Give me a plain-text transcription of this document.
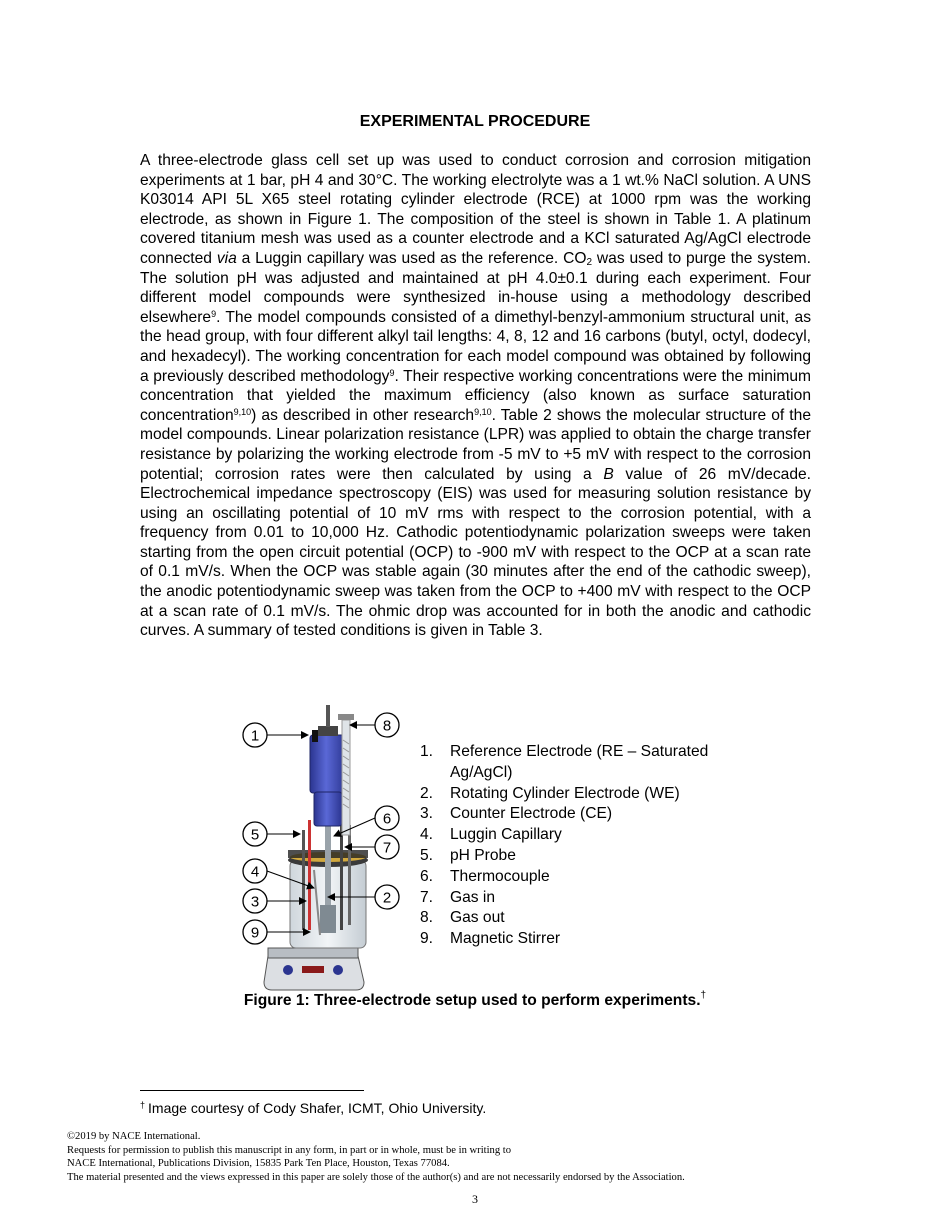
EXPERIMENTAL PROCEDURE

A three-electrode glass cell set up was used to conduct corrosion and corrosion mitigation experiments at 1 bar, pH 4 and 30°C. The working electrolyte was a 1 wt.% NaCl solution. A UNS K03014 API 5L X65 steel rotating cylinder electrode (RCE) at 1000 rpm was the working electrode, as shown in Figure 1. The composition of the steel is shown in Table 1. A platinum covered titanium mesh was used as a counter electrode and a KCl saturated Ag/AgCl electrode connected via a Luggin capillary was used as the reference. $CO_2$ was used to purge the system. The solution pH was adjusted and maintained at pH 4.0±0.1 during each experiment. Four different model compounds were synthesized in-house using a methodology described elsewhere$^9$. The model compounds consisted of a dimethyl-benzyl-ammonium structural unit, as the head group, with four different alkyl tail lengths: 4, 8, 12 and 16 carbons (butyl, octyl, dodecyl, and hexadecyl). The working concentration for each model compound was obtained by following a previously described methodology$^9$. Their respective working concentrations were the minimum concentration that yielded the maximum efficiency (also known as surface saturation concentration$^{9,10}$) as described in other research$^{9,10}$. Table 2 shows the molecular structure of the model compounds. Linear polarization resistance (LPR) was applied to obtain the charge transfer resistance by polarizing the working electrode from -5 mV to +5 mV with respect to the corrosion potential; corrosion rates were then calculated by using a B value of 26 mV/decade. Electrochemical impedance spectroscopy (EIS) was used for measuring solution resistance by using an oscillating potential of 10 mV rms with respect to the corrosion potential, with a frequency from 0.01 to 10,000 Hz. Cathodic potentiodynamic polarization sweeps were taken starting from the open circuit potential (OCP) to -900 mV with respect to the OCP at a scan rate of 0.1 mV/s. When the OCP was stable again (30 minutes after the end of the cathodic sweep), the anodic potentiodynamic sweep was taken from the OCP to +400 mV with respect to the OCP at a scan rate of 0.1 mV/s. The ohmic drop was accounted for in both the anodic and cathodic curves. A summary of tested conditions is given in Table 3.

1
5
4
3
9
8
6
7
2
1.	Reference Electrode (RE – Saturated Ag/AgCl)
2.	Rotating Cylinder Electrode (WE)
3.	Counter Electrode (CE)
4.	Luggin Capillary
5.	pH Probe
6.	Thermocouple
7.	Gas in
8.	Gas out
9.	Magnetic Stirrer

Figure 1: Three-electrode setup used to perform experiments.†

† Image courtesy of Cody Shafer, ICMT, Ohio University.

©2019 by NACE International.
Requests for permission to publish this manuscript in any form, in part or in whole, must be in writing to
NACE International, Publications Division, 15835 Park Ten Place, Houston, Texas 77084.
The material presented and the views expressed in this paper are solely those of the author(s) and are not necessarily endorsed by the Association.

3
